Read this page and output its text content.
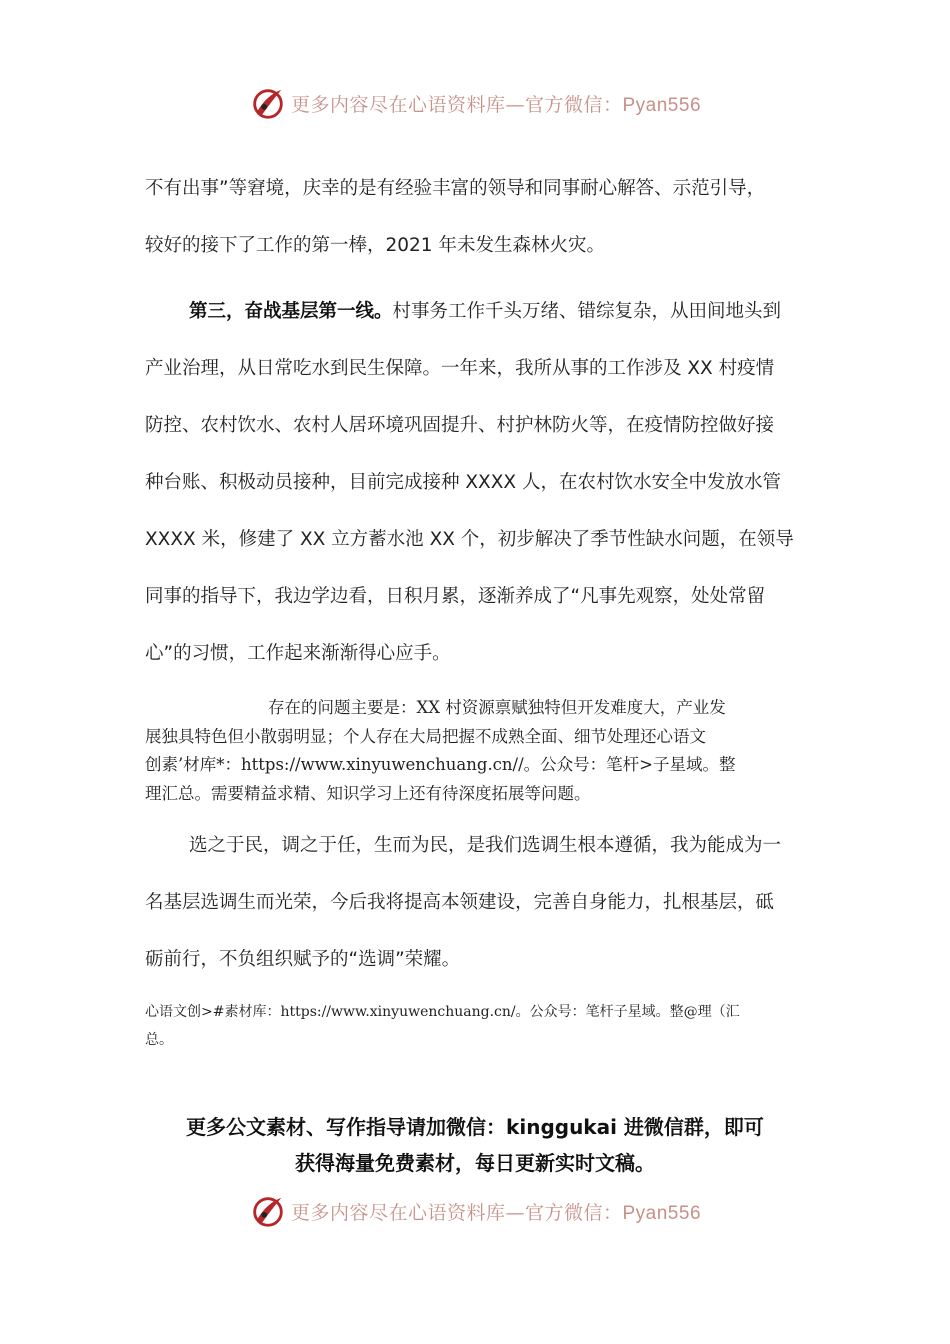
更多内容尽在心语资料库—官方微信：Pyan556
不有出事”等窘境，庆幸的是有经验丰富的领导和同事耐心解答、示范引导，
较好的接下了工作的第一棒，2021 年未发生森林火灾。
第三，奋战基层第一线。村事务工作千头万绪、错综复杂，从田间地头到
产业治理，从日常吃水到民生保障。一年来，我所从事的工作涉及 XX 村疫情
防控、农村饮水、农村人居环境巩固提升、村护林防火等，在疫情防控做好接
种台账、积极动员接种，目前完成接种 XXXX 人，在农村饮水安全中发放水管
XXXX 米，修建了 XX 立方蓄水池 XX 个，初步解决了季节性缺水问题，在领导
同事的指导下，我边学边看，日积月累，逐渐养成了“凡事先观察，处处常留
心”的习惯，工作起来渐渐得心应手。
存在的问题主要是：XX 村资源禀赋独特但开发难度大，产业发
展独具特色但小散弱明显；个人存在大局把握不成熟全面、细节处理还心语文
创素’材库*：https://www.xinyuwenchuang.cn//。公众号：笔杆>子星域。整
理汇总。需要精益求精、知识学习上还有待深度拓展等问题。
选之于民，调之于任，生而为民，是我们选调生根本遵循，我为能成为一
名基层选调生而光荣，今后我将提高本领建设，完善自身能力，扎根基层，砥
砺前行，不负组织赋予的“选调”荣耀。
心语文创>#素材库：https://www.xinyuwenchuang.cn/。公众号：笔杆子星域。整@理（汇
总。
更多公文素材、写作指导请加微信：kinggukai 进微信群，即可
获得海量免费素材，每日更新实时文稿。
更多内容尽在心语资料库—官方微信：Pyan556
